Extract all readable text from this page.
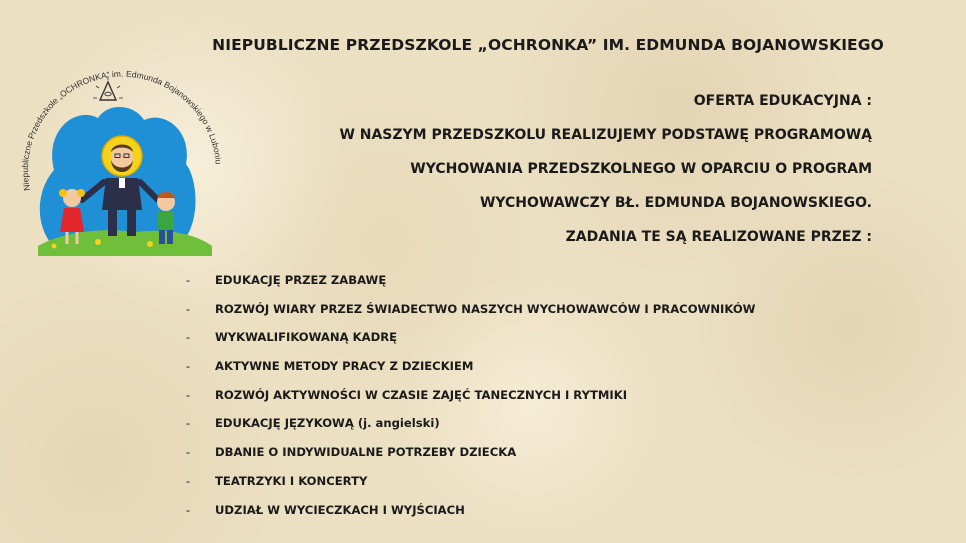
Niepubliczne Przedszkole „OCHRONKA” im. Edmunda Bojanowskiego w Luboniu
NIEPUBLICZNE PRZEDSZKOLE „OCHRONKA” IM. EDMUNDA BOJANOWSKIEGO
OFERTA EDUKACYJNA :
W NASZYM PRZEDSZKOLU REALIZUJEMY PODSTAWĘ PROGRAMOWĄ
WYCHOWANIA PRZEDSZKOLNEGO W OPARCIU O PROGRAM
WYCHOWAWCZY BŁ. EDMUNDA BOJANOWSKIEGO.
ZADANIA TE SĄ REALIZOWANE PRZEZ :
-	EDUKACJĘ PRZEZ ZABAWĘ
-	ROZWÓJ WIARY PRZEZ ŚWIADECTWO NASZYCH WYCHOWAWCÓW I PRACOWNIKÓW
-	WYKWALIFIKOWANĄ KADRĘ
-	AKTYWNE METODY PRACY Z DZIECKIEM
-	ROZWÓJ AKTYWNOŚCI W CZASIE ZAJĘĆ TANECZNYCH I RYTMIKI
-	EDUKACJĘ JĘZYKOWĄ (j. angielski)
-	DBANIE O INDYWIDUALNE POTRZEBY DZIECKA
-	TEATRZYKI I KONCERTY
-	UDZIAŁ W WYCIECZKACH I WYJŚCIACH
